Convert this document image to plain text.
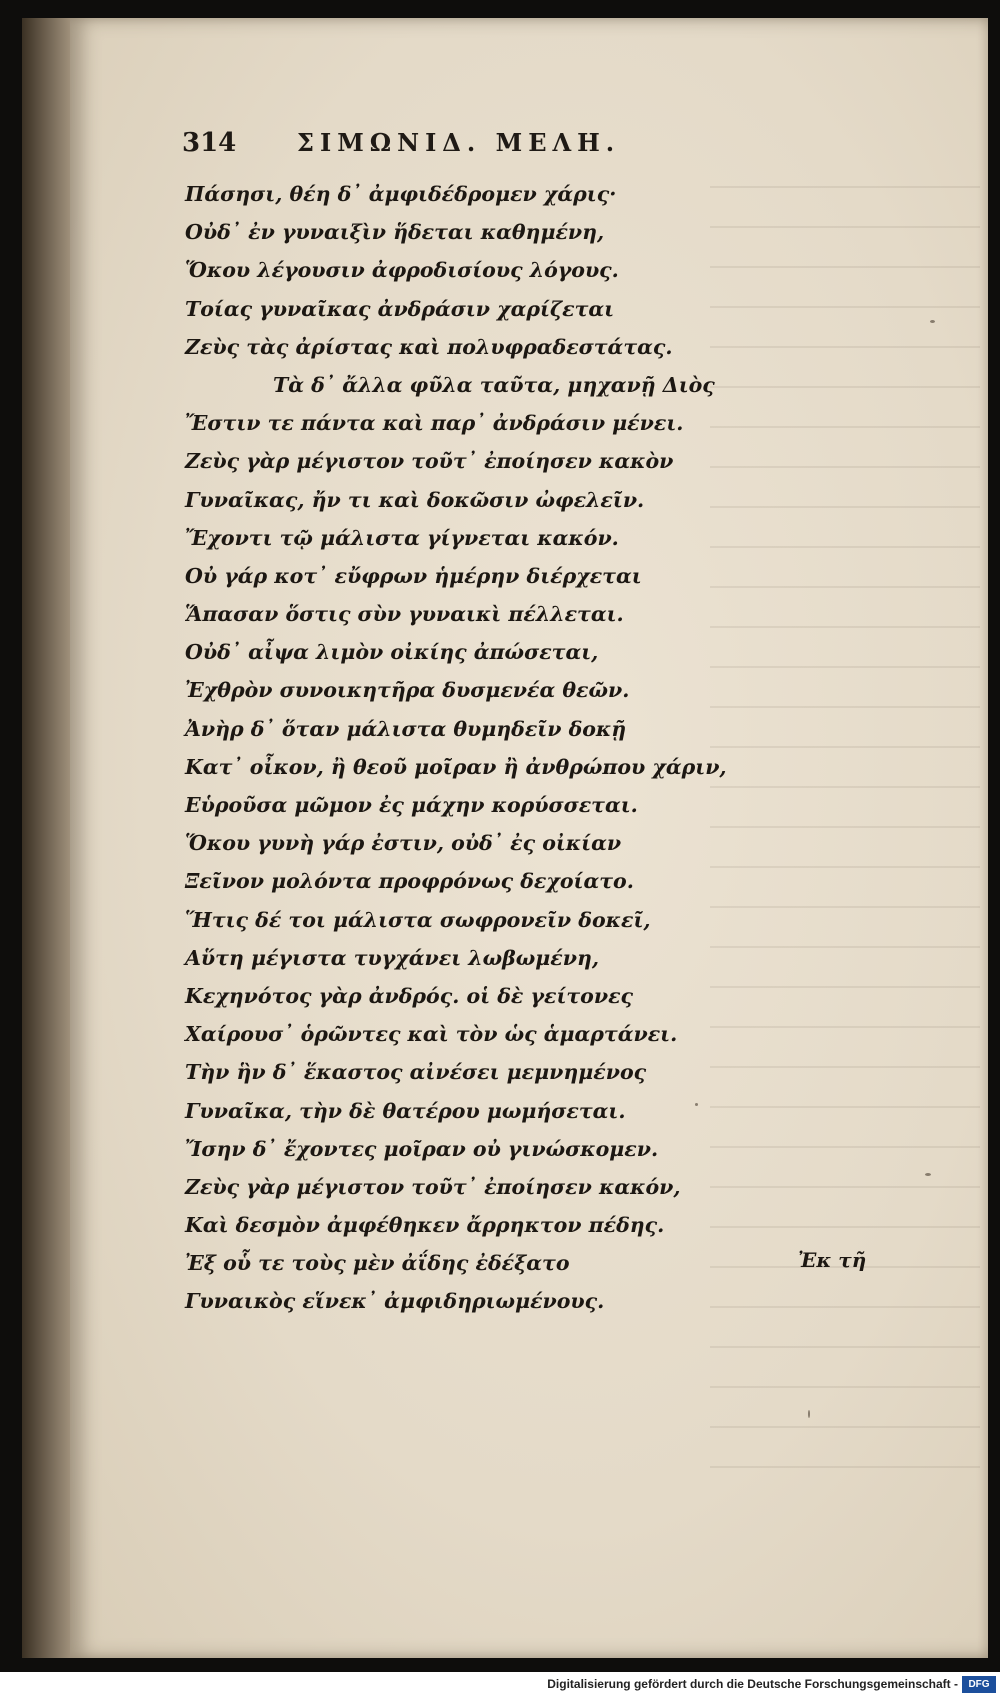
314	ΣΙΜΩΝΙΔ. ΜΕΛΗ.
Πάσησι, θέη δ᾽ ἀμφιδέδρομεν χάρις·
Οὐδ᾽ ἐν γυναιξὶν ἥδεται καθημένη,
Ὅκου λέγουσιν ἀφροδισίους λόγους.
Τοίας γυναῖκας ἀνδράσιν χαρίζεται
Ζεὺς τὰς ἀρίστας καὶ πολυφραδεστάτας.
Τὰ δ᾽ ἄλλα φῦλα ταῦτα, μηχανῇ Διὸς
Ἔστιν τε πάντα καὶ παρ᾽ ἀνδράσιν μένει.
Ζεὺς γὰρ μέγιστον τοῦτ᾽ ἐποίησεν κακὸν
Γυναῖκας, ἤν τι καὶ δοκῶσιν ὠφελεῖν.
Ἔχοντι τῷ μάλιστα γίγνεται κακόν.
Οὐ γάρ κοτ᾽ εὔφρων ἡμέρην διέρχεται
Ἅπασαν ὅστις σὺν γυναικὶ πέλλεται.
Οὐδ᾽ αἶψα λιμὸν οἰκίης ἀπώσεται,
Ἐχθρὸν συνοικητῆρα δυσμενέα θεῶν.
Ἀνὴρ δ᾽ ὅταν μάλιστα θυμηδεῖν δοκῇ
Κατ᾽ οἶκον, ἢ θεοῦ μοῖραν ἢ ἀνθρώπου χάριν,
Εὑροῦσα μῶμον ἐς μάχην κορύσσεται.
Ὅκου γυνὴ γάρ ἐστιν, οὐδ᾽ ἐς οἰκίαν
Ξεῖνον μολόντα προφρόνως δεχοίατο.
Ἥτις δέ τοι μάλιστα σωφρονεῖν δοκεῖ,
Αὕτη μέγιστα τυγχάνει λωβωμένη,
Κεχηνότος γὰρ ἀνδρός. οἱ δὲ γείτονες
Χαίρουσ᾽ ὁρῶντες καὶ τὸν ὡς ἁμαρτάνει.
Τὴν ἣν δ᾽ ἕκαστος αἰνέσει μεμνημένος
Γυναῖκα, τὴν δὲ θατέρου μωμήσεται.
Ἴσην δ᾽ ἔχοντες μοῖραν οὐ γινώσκομεν.
Ζεὺς γὰρ μέγιστον τοῦτ᾽ ἐποίησεν κακόν,
Καὶ δεσμὸν ἀμφέθηκεν ἄρρηκτον πέδης.
Ἐξ οὗ τε τοὺς μὲν ἀΐδης ἐδέξατο
Γυναικὸς εἵνεκ᾽ ἀμφιδηριωμένους.
Ἐκ τῆ
Digitalisierung gefördert durch die Deutsche Forschungsgemeinschaft -	DFG
